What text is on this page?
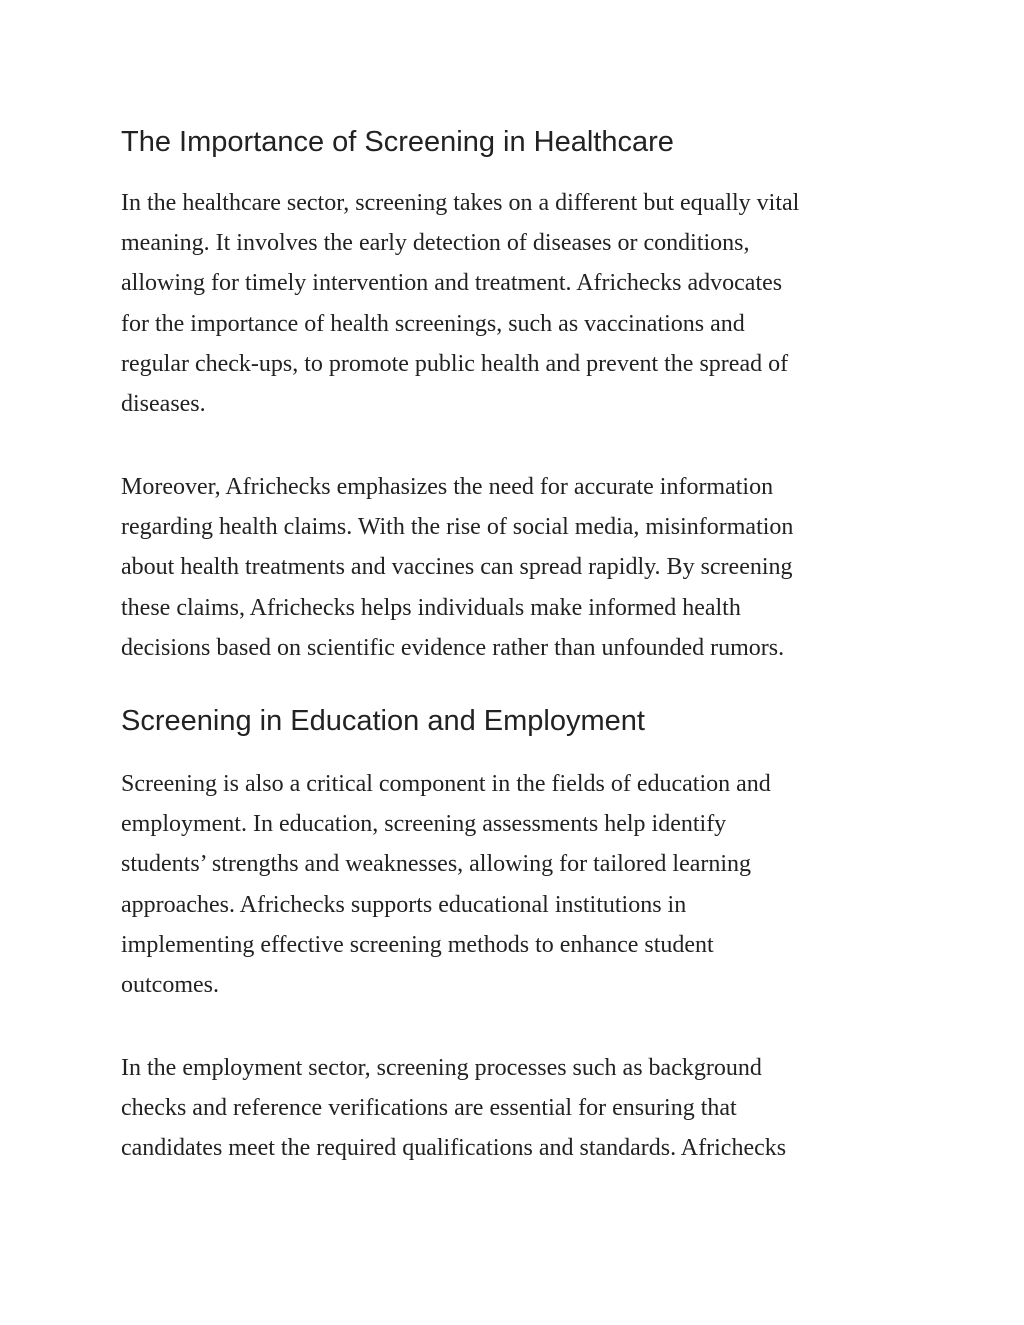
The Importance of Screening in Healthcare
In the healthcare sector, screening takes on a different but equally vital
meaning. It involves the early detection of diseases or conditions,
allowing for timely intervention and treatment. Africhecks advocates
for the importance of health screenings, such as vaccinations and
regular check-ups, to promote public health and prevent the spread of
diseases.
Moreover, Africhecks emphasizes the need for accurate information
regarding health claims. With the rise of social media, misinformation
about health treatments and vaccines can spread rapidly. By screening
these claims, Africhecks helps individuals make informed health
decisions based on scientific evidence rather than unfounded rumors.
Screening in Education and Employment
Screening is also a critical component in the fields of education and
employment. In education, screening assessments help identify
students’ strengths and weaknesses, allowing for tailored learning
approaches. Africhecks supports educational institutions in
implementing effective screening methods to enhance student
outcomes.
In the employment sector, screening processes such as background
checks and reference verifications are essential for ensuring that
candidates meet the required qualifications and standards. Africhecks
